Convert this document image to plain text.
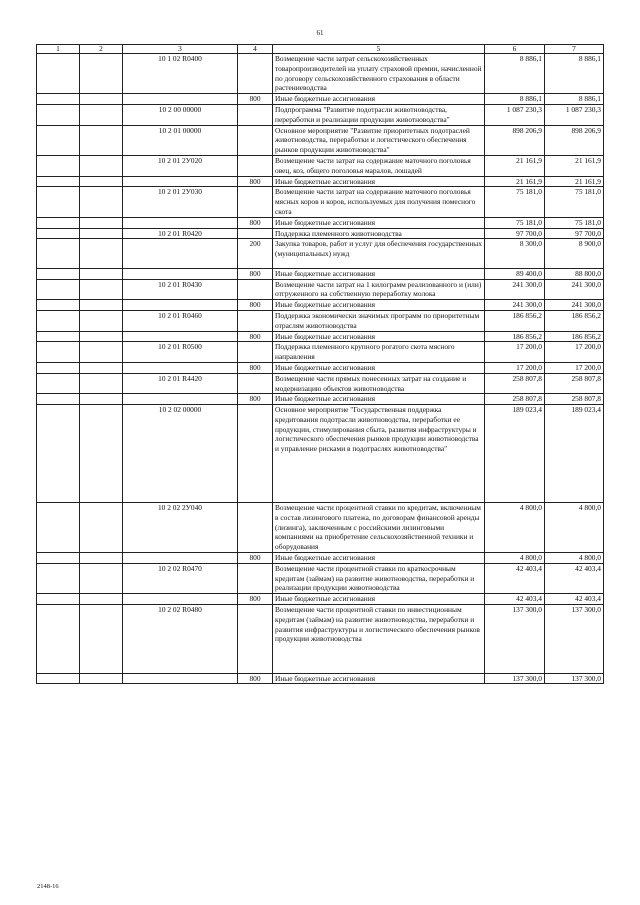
61
1	2	3	4	5	6	7
		10 1 02 R0400		Возмещение части затрат сельскохозяйственных товаропроизводителей на уплату страховой премии, начисленной по договору сельскохозяйственного страхования в области растениеводства	8 886,1	8 886,1
			800	Иные бюджетные ассигнования	8 886,1	8 886,1
		10 2 00 00000		Подпрограмма "Развитие подотрасли животноводства, переработки и реализации продукции животноводства"	1 087 230,3	1 087 230,3
		10 2 01 00000		Основное мероприятие "Развитие приоритетных подотраслей животноводства, переработки и логистического обеспечения рынков продукции животноводства"	898 206,9	898 206,9
		10 2 01 2У020		Возмещение части затрат на содержание маточного поголовья овец, коз, общего поголовья маралов, лошадей	21 161,9	21 161,9
			800	Иные бюджетные ассигнования	21 161,9	21 161,9
		10 2 01 2У030		Возмещение части затрат на содержание маточного поголовья мясных коров и коров, используемых для получения помесного скота	75 181,0	75 181,0
			800	Иные бюджетные ассигнования	75 181,0	75 181,0
		10 2 01 R0420		Поддержка племенного животноводства	97 700,0	97 700,0
			200	Закупка товаров, работ и услуг для обеспечения государственных (муниципальных) нужд	8 300,0	8 900,0
			800	Иные бюджетные ассигнования	89 400,0	88 800,0
		10 2 01 R0430		Возмещение части затрат на 1 килограмм реализованного и (или) отгруженного на собственную переработку молока	241 300,0	241 300,0
			800	Иные бюджетные ассигнования	241 300,0	241 300,0
		10 2 01 R0460		Поддержка экономически значимых программ по приоритетным отраслям животноводства	186 856,2	186 856,2
			800	Иные бюджетные ассигнования	186 856,2	186 856,2
		10 2 01 R0500		Поддержка племенного крупного рогатого скота мясного направления	17 200,0	17 200,0
			800	Иные бюджетные ассигнования	17 200,0	17 200,0
		10 2 01 R4420		Возмещение части прямых понесенных затрат на создание и модернизацию объектов животноводства	258 807,8	258 807,8
			800	Иные бюджетные ассигнования	258 807,8	258 807,8
		10 2 02 00000		Основное мероприятие "Государственная поддержка кредитования подотрасли животноводства, переработки ее продукции, стимулирования сбыта, развития инфраструктуры и логистического обеспечения рынков продукции животноводства и управление рисками в подотраслях животноводства"	189 023,4	189 023,4
		10 2 02 2У040		Возмещение части процентной ставки по кредитам, включенным в состав лизингового платежа, по договорам финансовой аренды (лизинга), заключенным с российскими лизинговыми компаниями на приобретение сельскохозяйственной техники и оборудования	4 800,0	4 800,0
			800	Иные бюджетные ассигнования	4 800,0	4 800,0
		10 2 02 R0470		Возмещение части процентной ставки по краткосрочным кредитам (займам) на развитие животноводства, переработки и реализации продукции животноводства	42 403,4	42 403,4
			800	Иные бюджетные ассигнования	42 403,4	42 403,4
		10 2 02 R0480		Возмещение части процентной ставки по инвестиционным кредитам (займам) на развитие животноводства, переработки и развития инфраструктуры и логистического обеспечения рынков продукции животноводства	137 300,0	137 300,0
			800	Иные бюджетные ассигнования	137 300,0	137 300,0
2148-16
